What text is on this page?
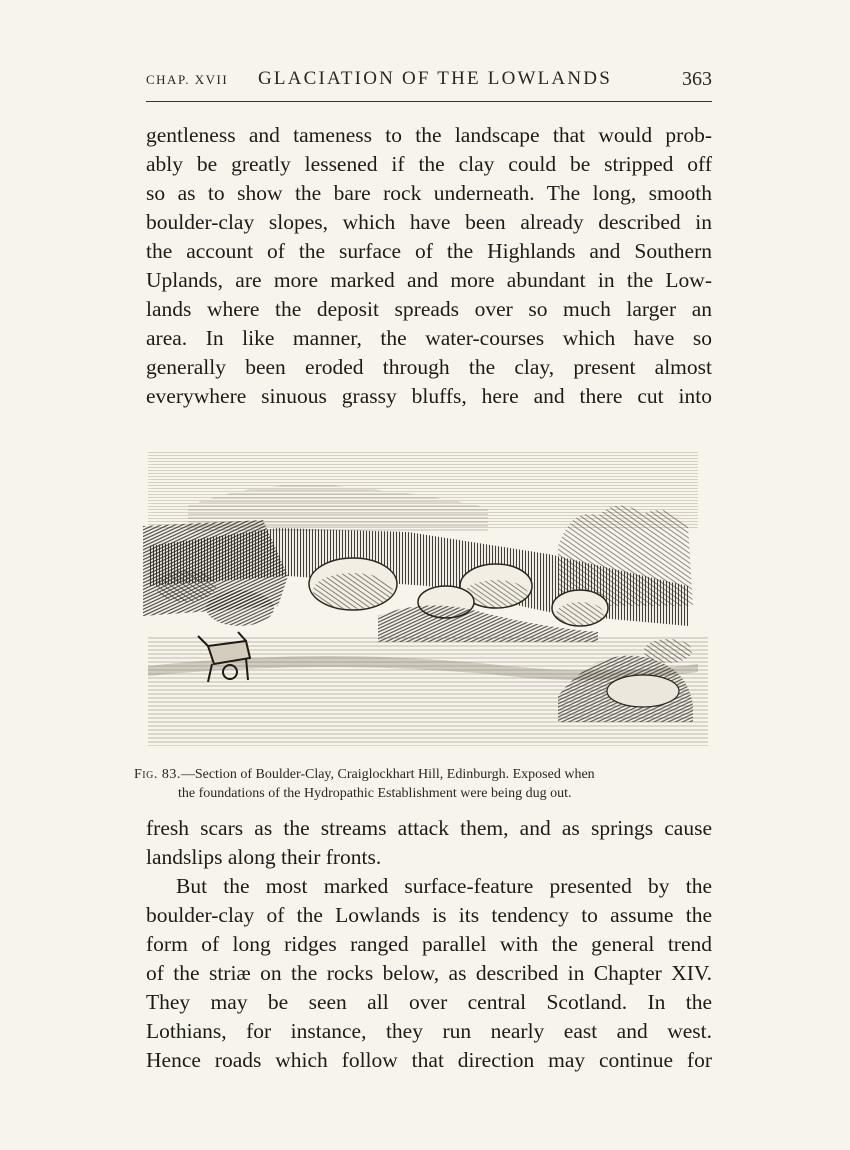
CHAP. XVII GLACIATION OF THE LOWLANDS	363

gentleness and tameness to the landscape that would prob-
ably be greatly lessened if the clay could be stripped off
so as to show the bare rock underneath. The long, smooth
boulder-clay slopes, which have been already described in
the account of the surface of the Highlands and Southern
Uplands, are more marked and more abundant in the Low-
lands where the deposit spreads over so much larger an
area. In like manner, the water-courses which have so
generally been eroded through the clay, present almost
everywhere sinuous grassy bluffs, here and there cut into

Fig. 83.—Section of Boulder-Clay, Craiglockhart Hill, Edinburgh. Exposed when
the foundations of the Hydropathic Establishment were being dug out.

fresh scars as the streams attack them, and as springs cause
landslips along their fronts.

But the most marked surface-feature presented by the
boulder-clay of the Lowlands is its tendency to assume the
form of long ridges ranged parallel with the general trend
of the striæ on the rocks below, as described in Chapter XIV.
They may be seen all over central Scotland. In the
Lothians, for instance, they run nearly east and west.
Hence roads which follow that direction may continue for
